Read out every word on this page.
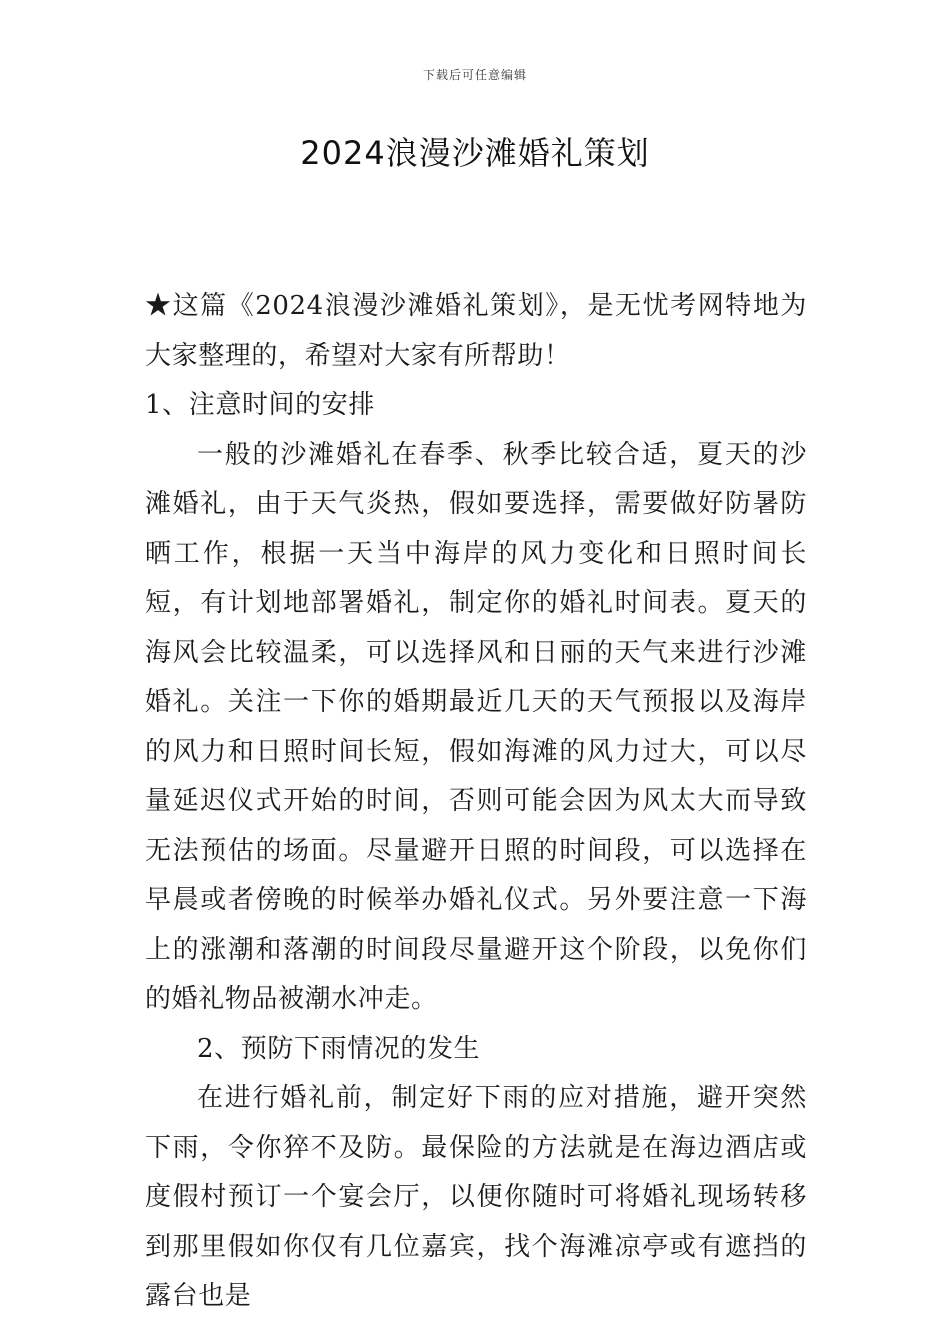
下载后可任意编辑
2024浪漫沙滩婚礼策划

★这篇《2024浪漫沙滩婚礼策划》，是无忧考网特地为大家整理的，希望对大家有所帮助！

1、注意时间的安排

一般的沙滩婚礼在春季、秋季比较合适，夏天的沙滩婚礼，由于天气炎热，假如要选择，需要做好防暑防晒工作，根据一天当中海岸的风力变化和日照时间长短，有计划地部署婚礼，制定你的婚礼时间表。夏天的海风会比较温柔，可以选择风和日丽的天气来进行沙滩婚礼。关注一下你的婚期最近几天的天气预报以及海岸的风力和日照时间长短，假如海滩的风力过大，可以尽量延迟仪式开始的时间，否则可能会因为风太大而导致无法预估的场面。尽量避开日照的时间段，可以选择在早晨或者傍晚的时候举办婚礼仪式。另外要注意一下海上的涨潮和落潮的时间段尽量避开这个阶段，以免你们的婚礼物品被潮水冲走。

2、预防下雨情况的发生

在进行婚礼前，制定好下雨的应对措施，避开突然下雨，令你猝不及防。最保险的方法就是在海边酒店或度假村预订一个宴会厅，以便你随时可将婚礼现场转移到那里假如你仅有几位嘉宾，找个海滩凉亭或有遮挡的露台也是
